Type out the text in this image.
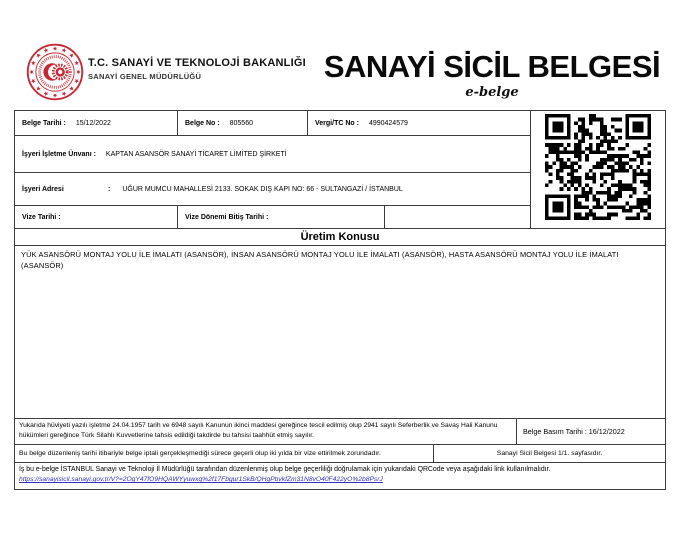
T.C. SANAYİ VE TEKNOLOJİ BAKANLIĞI
SANAYİ GENEL MÜDÜRLÜĞÜ	SANAYİ SİCİL BELGESİ
e-belge
Belge Tarihi : 15/12/2022	Belge No : 805560	Vergi/TC No : 4990424579
İşyeri İşletme Ünvanı : KAPTAN ASANSÖR SANAYİ TİCARET LİMİTED ŞİRKETİ
İşyeri Adresi	: UĞUR MUMCU MAHALLESİ 2133. SOKAK DIŞ KAPI NO: 66 - SULTANGAZİ / İSTANBUL
Vize Tarihi :	Vize Dönemi Bitiş Tarihi :
Üretim Konusu
YÜK ASANSÖRÜ MONTAJ YOLU İLE İMALATI (ASANSÖR), İNSAN ASANSÖRÜ MONTAJ YOLU İLE İMALATI (ASANSÖR), HASTA ASANSÖRÜ MONTAJ YOLU İLE İMALATI (ASANSÖR)
Yukarıda hüviyeti yazılı işletme 24.04.1957 tarih ve 6948 sayılı Kanunun ikinci maddesi gereğince tescil edilmiş olup 2941 sayılı Seferberlik ve Savaş Hali Kanunu hükümleri gereğince Türk Silahlı Kuvvetlerine tahsis edildiği takdirde bu tahsisi taahhüt etmiş sayılır.	Belge Basım Tarihi : 16/12/2022
Bu belge düzenleniş tarihi itibariyle belge iptali gerçekleşmediği sürece geçerli olup iki yılda bir vize ettirilmek zorundadır.	Sanayi Sicil Belgesi 1/1. sayfasıdır.
İş bu e-belge İSTANBUL Sanayi ve Teknoloji İl Müdürlüğü tarafından düzenlenmiş olup belge geçerliliği doğrulamak için yukarıdaki QRCode veya aşağıdaki link kullanılmalıdır.
https://sanayisicil.sanayi.gov.tr/V?=2OgY47fO9HQAWYyuwxq%2f17Fbgur1SkB/QHgPbvkfZm31N8vO40F422yO%2b8PsrJ
